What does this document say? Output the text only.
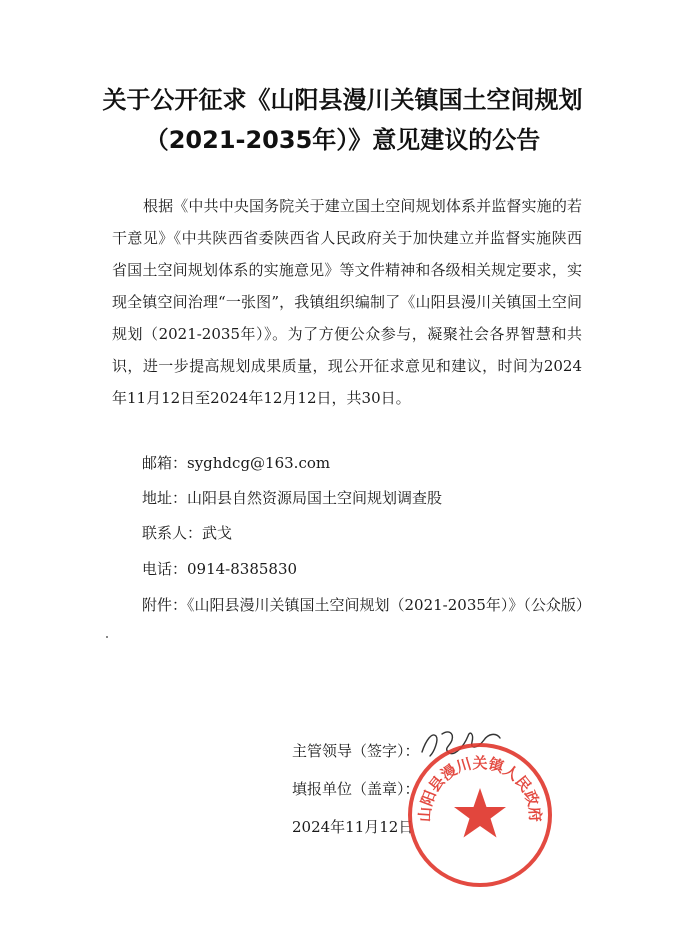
关于公开征求《山阳县漫川关镇国土空间规划
（2021-2035年）》意见建议的公告

根据《中共中央国务院关于建立国土空间规划体系并监督实施的若干意见》《中共陕西省委陕西省人民政府关于加快建立并监督实施陕西省国土空间规划体系的实施意见》等文件精神和各级相关规定要求，实现全镇空间治理“一张图”，我镇组织编制了《山阳县漫川关镇国土空间规划（2021-2035年）》。为了方便公众参与，凝聚社会各界智慧和共识，进一步提高规划成果质量，现公开征求意见和建议，时间为2024年11月12日至2024年12月12日，共30日。

邮箱：syghdcg@163.com
地址：山阳县自然资源局国土空间规划调查股
联系人：武戈
电话：0914-8385830
附件：《山阳县漫川关镇国土空间规划（2021-2035年）》（公众版）
主管领导（签字）：
填报单位（盖章）：
2024年11月12日
山阳县漫川关镇人民政府
